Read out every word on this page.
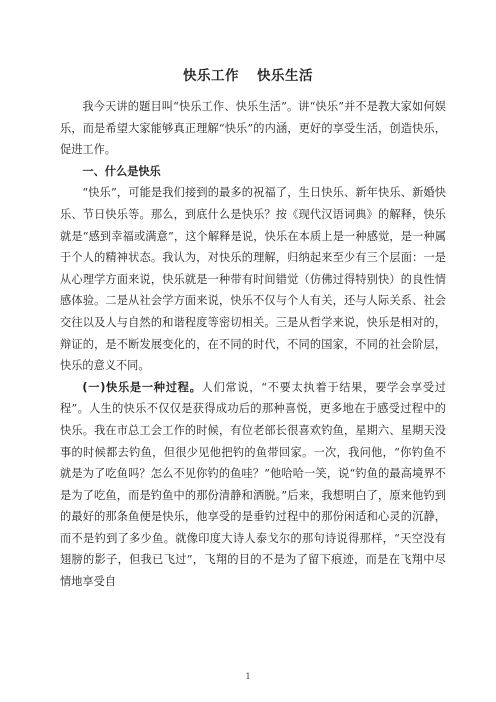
快乐工作 快乐生活

我今天讲的题目叫“快乐工作、快乐生活”。讲“快乐”并不是教大家如何娱乐，而是希望大家能够真正理解“快乐”的内涵，更好的享受生活，创造快乐，促进工作。

一、什么是快乐

“快乐”，可能是我们接到的最多的祝福了，生日快乐、新年快乐、新婚快乐、节日快乐等。那么，到底什么是快乐？按《现代汉语词典》的解释，快乐就是“感到幸福或满意”，这个解释是说，快乐在本质上是一种感觉，是一种属于个人的精神状态。我认为，对快乐的理解，归纳起来至少有三个层面：一是从心理学方面来说，快乐就是一种带有时间错觉（仿佛过得特别快）的良性情感体验。二是从社会学方面来说，快乐不仅与个人有关，还与人际关系、社会交往以及人与自然的和谐程度等密切相关。三是从哲学来说，快乐是相对的，辩证的，是不断发展变化的，在不同的时代，不同的国家，不同的社会阶层，快乐的意义不同。

(一)快乐是一种过程。人们常说，“不要太执着于结果，要学会享受过程”。人生的快乐不仅仅是获得成功后的那种喜悦，更多地在于感受过程中的快乐。我在市总工会工作的时候，有位老部长很喜欢钓鱼，星期六、星期天没事的时候都去钓鱼，但很少见他把钓的鱼带回家。一次，我问他，“你钓鱼不就是为了吃鱼吗？怎么不见你钓的鱼哇？”他哈哈一笑，说“钓鱼的最高境界不是为了吃鱼，而是钓鱼中的那份清静和洒脱。”后来，我想明白了，原来他钓到的最好的那条鱼便是快乐，他享受的是垂钓过程中的那份闲适和心灵的沉静，而不是钓到了多少鱼。就像印度大诗人泰戈尔的那句诗说得那样，“天空没有翅膀的影子，但我已飞过”，飞翔的目的不是为了留下痕迹，而是在飞翔中尽情地享受自

1
